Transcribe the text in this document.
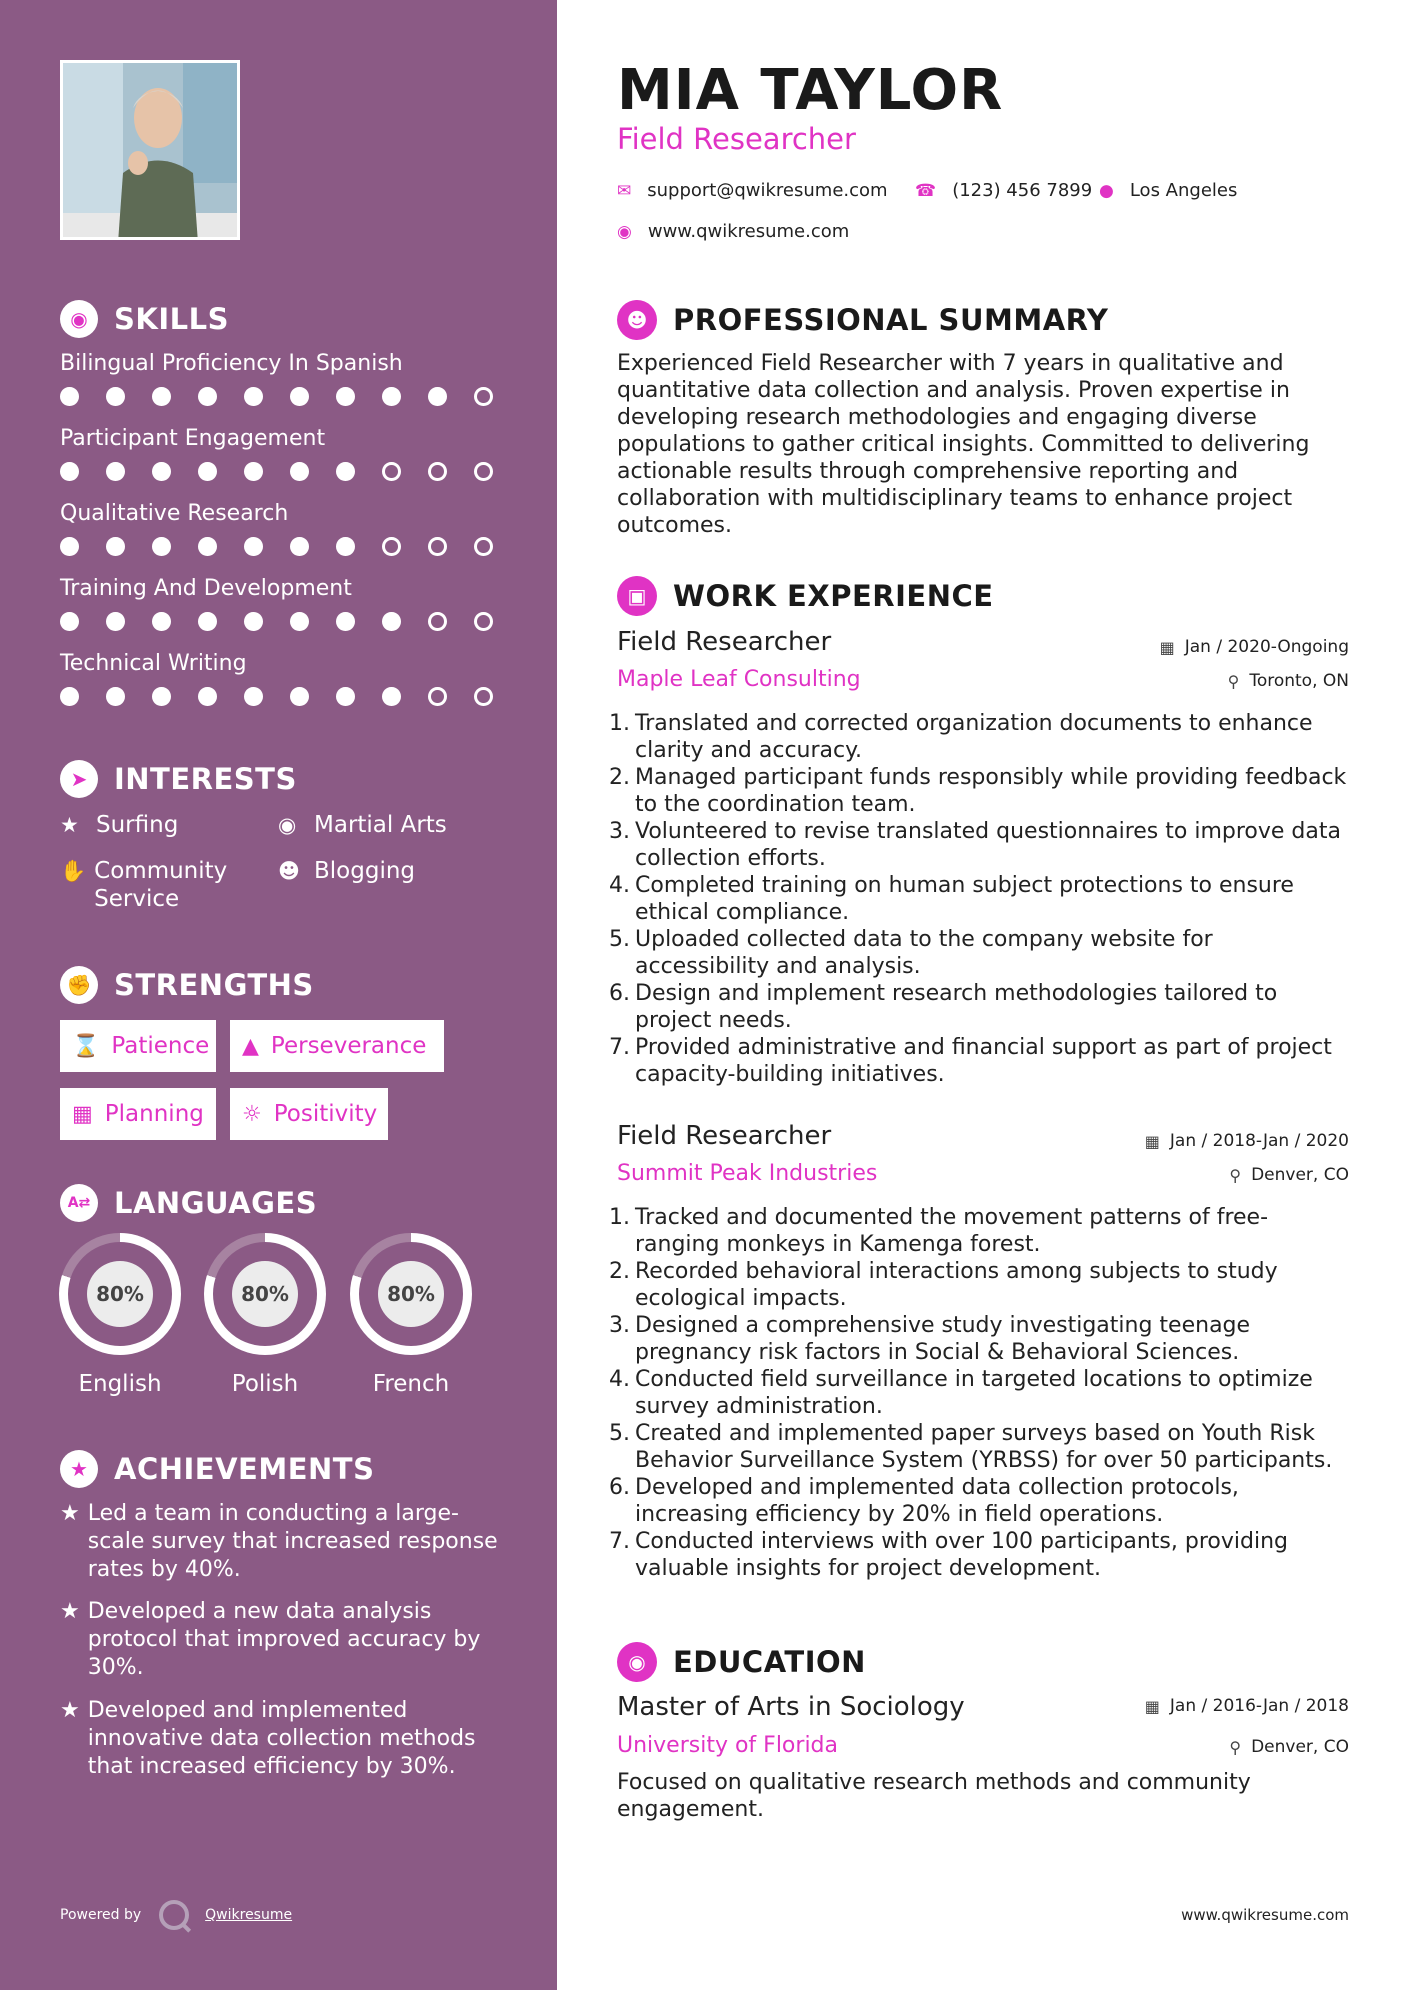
◉ SKILLS
Bilingual Proficiency In Spanish
Participant Engagement
Qualitative Research
Training And Development
Technical Writing
➤ INTERESTS
★ Surfing	◉ Martial Arts
✋ Community Service
☻ Blogging
✊ STRENGTHS
⌛ Patience ▲ Perseverance
▦ Planning ☼ Positivity
A⇄ LANGUAGES
80%
English
80%
Polish
80%
French
★ ACHIEVEMENTS
★ Led a team in conducting a large-scale survey that increased response rates by 40%.
★ Developed a new data analysis protocol that improved accuracy by 30%.
★ Developed and implemented innovative data collection methods that increased efficiency by 30%.
Powered by	Qwikresume
MIA TAYLOR
Field Researcher
✉ support@qwikresume.com ☎ (123) 456 7899 ● Los Angeles
◉ www.qwikresume.com
☻ PROFESSIONAL SUMMARY
Experienced Field Researcher with 7 years in qualitative and quantitative data collection and analysis. Proven expertise in developing research methodologies and engaging diverse populations to gather critical insights. Committed to delivering actionable results through comprehensive reporting and collaboration with multidisciplinary teams to enhance project outcomes.
▣ WORK EXPERIENCE
Field Researcher	▦ Jan / 2020-Ongoing
Maple Leaf Consulting	⚲ Toronto, ON
Translated and corrected organization documents to enhance clarity and accuracy.
Managed participant funds responsibly while providing feedback to the coordination team.
Volunteered to revise translated questionnaires to improve data collection efforts.
Completed training on human subject protections to ensure ethical compliance.
Uploaded collected data to the company website for accessibility and analysis.
Design and implement research methodologies tailored to project needs.
Provided administrative and financial support as part of project capacity-building initiatives.
Field Researcher	▦ Jan / 2018-Jan / 2020
Summit Peak Industries	⚲ Denver, CO
Tracked and documented the movement patterns of free-ranging monkeys in Kamenga forest.
Recorded behavioral interactions among subjects to study ecological impacts.
Designed a comprehensive study investigating teenage pregnancy risk factors in Social & Behavioral Sciences.
Conducted field surveillance in targeted locations to optimize survey administration.
Created and implemented paper surveys based on Youth Risk Behavior Surveillance System (YRBSS) for over 50 participants.
Developed and implemented data collection protocols, increasing efficiency by 20% in field operations.
Conducted interviews with over 100 participants, providing valuable insights for project development.
◉ EDUCATION
Master of Arts in Sociology	▦ Jan / 2016-Jan / 2018
University of Florida	⚲ Denver, CO
Focused on qualitative research methods and community engagement.
www.qwikresume.com
